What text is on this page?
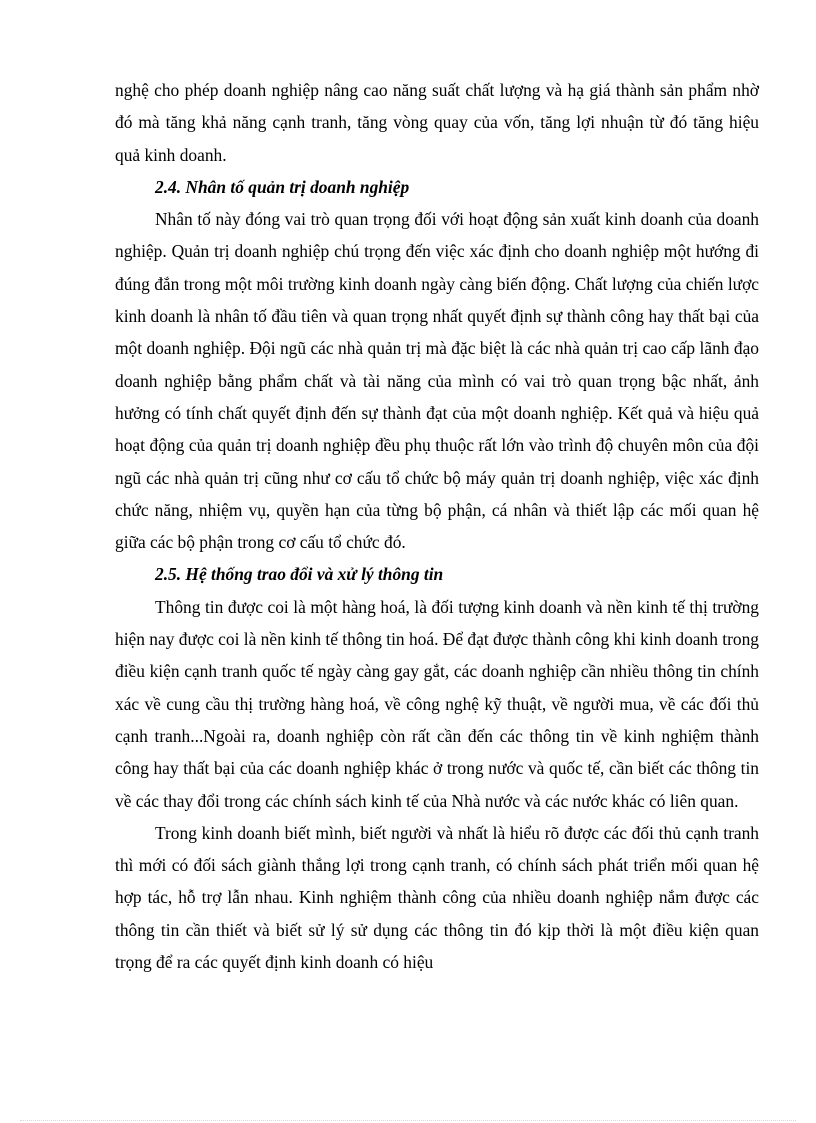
nghệ cho phép doanh nghiệp nâng cao năng suất chất lượng và hạ giá thành sản phẩm nhờ đó mà tăng khả năng cạnh tranh, tăng vòng quay của vốn, tăng lợi nhuận từ đó tăng hiệu quả kinh doanh.

2.4. Nhân tố quản trị doanh nghiệp

Nhân tố này đóng vai trò quan trọng đối với hoạt động sản xuất kinh doanh của doanh nghiệp. Quản trị doanh nghiệp chú trọng đến việc xác định cho doanh nghiệp một hướng đi đúng đắn trong một môi trường kinh doanh ngày càng biến động. Chất lượng của chiến lược kinh doanh là nhân tố đầu tiên và quan trọng nhất quyết định sự thành công hay thất bại của một doanh nghiệp. Đội ngũ các nhà quản trị mà đặc biệt là các nhà quản trị cao cấp lãnh đạo doanh nghiệp bằng phẩm chất và tài năng của mình có vai trò quan trọng bậc nhất, ảnh hưởng có tính chất quyết định đến sự thành đạt của một doanh nghiệp. Kết quả và hiệu quả hoạt động của quản trị doanh nghiệp đều phụ thuộc rất lớn vào trình độ chuyên môn của đội ngũ các nhà quản trị cũng như cơ cấu tổ chức bộ máy quản trị doanh nghiệp, việc xác định chức năng, nhiệm vụ, quyền hạn của từng bộ phận, cá nhân và thiết lập các mối quan hệ giữa các bộ phận trong cơ cấu tổ chức đó.

2.5. Hệ thống trao đổi và xử lý thông tin

Thông tin được coi là một hàng hoá, là đối tượng kinh doanh và nền kinh tế thị trường hiện nay được coi là nền kinh tế thông tin hoá. Để đạt được thành công khi kinh doanh trong điều kiện cạnh tranh quốc tế ngày càng gay gắt, các doanh nghiệp cần nhiều thông tin chính xác về cung cầu thị trường hàng hoá, về công nghệ kỹ thuật, về người mua, về các đối thủ cạnh tranh...Ngoài ra, doanh nghiệp còn rất cần đến các thông tin về kinh nghiệm thành công hay thất bại của các doanh nghiệp khác ở trong nước và quốc tế, cần biết các thông tin về các thay đổi trong các chính sách kinh tế của Nhà nước và các nước khác có liên quan.

Trong kinh doanh biết mình, biết người và nhất là hiểu rõ được các đối thủ cạnh tranh thì mới có đối sách giành thắng lợi trong cạnh tranh, có chính sách phát triển mối quan hệ hợp tác, hỗ trợ lẫn nhau. Kinh nghiệm thành công của nhiều doanh nghiệp nắm được các thông tin cần thiết và biết sử lý sử dụng các thông tin đó kịp thời là một điều kiện quan trọng để ra các quyết định kinh doanh có hiệu
